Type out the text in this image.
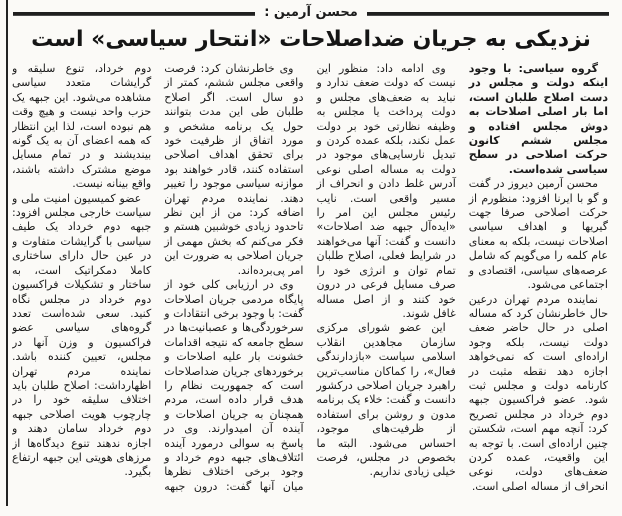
محسن آرمین :
نزدیکی به جریان ضداصلاحات «انتحار سیاسی» است

گروه سیاسی: با وجود اینکه دولت و مجلس در دست اصلاح طلبان است، اما بار اصلی اصلاحات به دوش مجلس افتاده و مجلس ششم کانون حرکت اصلاحی در سطح سیاسی شده‌است.

محسن آرمین دیروز در گفت و گو با ایرنا افزود: منظورم از حرکت اصلاحی صرفا جهت گیریها و اهداف سیاسی اصلاحات نیست، بلکه به معنای عام کلمه را می‌گویم که شامل عرصه‌های سیاسی، اقتصادی و اجتماعی می‌شود.

نماینده مردم تهران درعین حال خاطرنشان کرد که مساله اصلی در حال حاضر ضعف دولت نیست، بلکه وجود اراده‌ای است که نمی‌خواهد اجازه دهد نقطه مثبت در کارنامه دولت و مجلس ثبت شود. عضو فراکسیون جبهه دوم خرداد در مجلس تصریح کرد: آنچه مهم است، شکستن چنین اراده‌ای است. با توجه به این واقعیت، عمده کردن ضعف‌های دولت، نوعی انحراف از مساله اصلی است.

وی ادامه داد: منظور این نیست که دولت ضعف ندارد و نباید به ضعف‌های مجلس و دولت پرداخت یا مجلس به وظیفه نظارتی خود بر دولت عمل نکند، بلکه عمده کردن و تبدیل نارسایی‌های موجود در دولت به مساله اصلی نوعی آدرس غلط دادن و انحراف از مسیر واقعی است. نایب رئیس مجلس این امر را «ایده‌آل جبهه ضد اصلاحات» دانست و گفت: آنها می‌خواهند در شرایط فعلی، اصلاح طلبان تمام توان و انرژی خود را صرف مسایل فرعی در درون خود کنند و از اصل مساله غافل شوند.

این عضو شورای مرکزی سازمان مجاهدین انقلاب اسلامی سیاست «بازدارندگی فعال»، را کماکان مناسب‌ترین راهبرد جریان اصلاحی درکشور دانست و گفت: خلاء یک برنامه مدون و روشن برای استفاده از ظرفیت‌های موجود، احساس می‌شود. البته ما بخصوص در مجلس، فرصت خیلی زیادی نداریم.

وی خاطرنشان کرد: فرصت واقعی مجلس ششم، کمتر از دو سال است. اگر اصلاح طلبان طی این مدت بتوانند حول یک برنامه مشخص و مورد اتفاق از ظرفیت خود برای تحقق اهداف اصلاحی استفاده کنند، قادر خواهند بود موازنه سیاسی موجود را تغییر دهند. نماینده مردم تهران اضافه کرد: من از این نظر تاحدود زیادی خوشبین هستم و فکر می‌کنم که بخش مهمی از جریان اصلاحی به ضرورت این امر پی‌برده‌اند.

وی در ارزیابی کلی خود از پایگاه مردمی جریان اصلاحات گفت: با وجود برخی انتقادات و سرخوردگی‌ها و عصبانیت‌ها در سطح جامعه که نتیجه اقدامات خشونت بار علیه اصلاحات و برخوردهای جریان ضداصلاحات است که جمهوریت نظام را هدف قرار داده است، مردم همچنان به جریان اصلاحات و آینده آن امیدوارند. وی در پاسخ به سوالی درمورد آینده ائتلاف‌های جبهه دوم خرداد و وجود برخی اختلاف نظرها میان آنها گفت: درون جبهه دوم خرداد، تنوع سلیقه و گرایشات متعدد سیاسی مشاهده می‌شود. این جبهه یک حزب واحد نیست و هیچ وقت هم نبوده است، لذا این انتظار که همه اعضای آن به یک گونه بیندیشند و در تمام مسایل موضع مشترک داشته باشند، واقع بینانه نیست.

عضو کمیسیون امنیت ملی و سیاست خارجی مجلس افزود: جبهه دوم خرداد یک طیف سیاسی با گرایشات متفاوت و در عین حال دارای ساختاری کاملا دمکراتیک است، به ساختار و تشکیلات فراکسیون دوم خرداد در مجلس نگاه کنید. سعی شده‌است تعدد گروه‌های سیاسی عضو فراکسیون و وزن آنها در مجلس، تعیین کننده باشد. نماینده مردم تهران اظهارداشت: اصلاح طلبان باید اختلاف سلیقه خود را در چارچوب هویت اصلاحی جبهه دوم خرداد سامان دهند و اجازه ندهند تنوع دیدگاه‌ها از مرزهای هویتی این جبهه ارتفاع بگیرد.
